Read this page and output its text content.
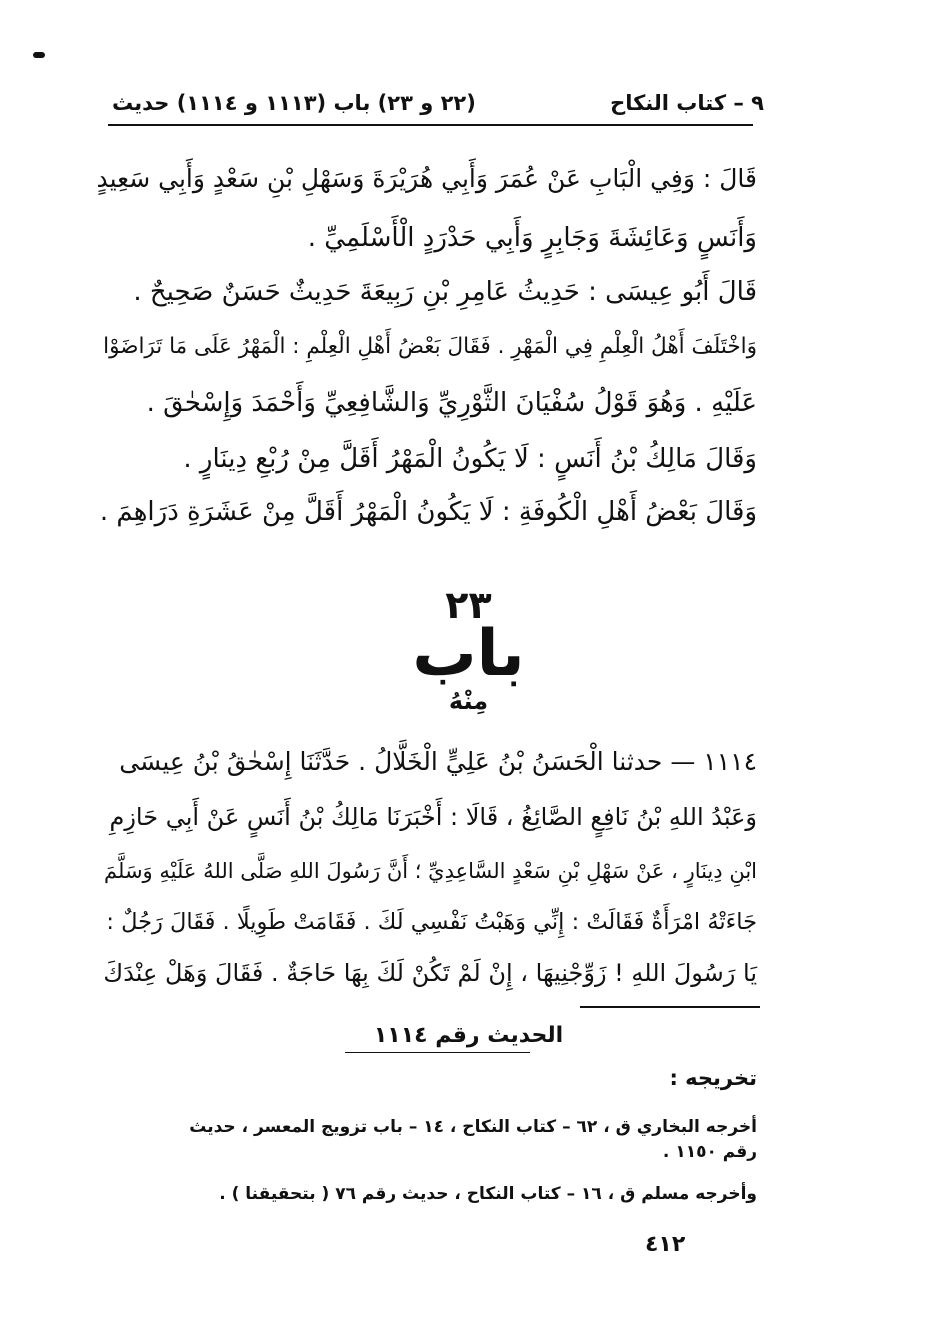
٩ – كتاب النكاح
(٢٢ و ٢٣) باب (١١١٣ و ١١١٤) حديث
قَالَ : وَفِي الْبَابِ عَنْ عُمَرَ وَأَبِي هُرَيْرَةَ وَسَهْلِ بْنِ سَعْدٍ وَأَبِي سَعِيدٍ
وَأَنَسٍ وَعَائِشَةَ وَجَابِرٍ وَأَبِي حَدْرَدٍ الْأَسْلَمِيِّ .
قَالَ أَبُو عِيسَى : حَدِيثُ عَامِرِ بْنِ رَبِيعَةَ حَدِيثٌ حَسَنٌ صَحِيحٌ .
وَاخْتَلَفَ أَهْلُ الْعِلْمِ فِي الْمَهْرِ . فَقَالَ بَعْضُ أَهْلِ الْعِلْمِ : الْمَهْرُ عَلَى مَا تَرَاضَوْا
عَلَيْهِ . وَهُوَ قَوْلُ سُفْيَانَ الثَّوْرِيِّ وَالشَّافِعِيِّ وَأَحْمَدَ وَإِسْحٰقَ .
وَقَالَ مَالِكُ بْنُ أَنَسٍ : لَا يَكُونُ الْمَهْرُ أَقَلَّ مِنْ رُبْعِ دِينَارٍ .
وَقَالَ بَعْضُ أَهْلِ الْكُوفَةِ : لَا يَكُونُ الْمَهْرُ أَقَلَّ مِنْ عَشَرَةِ دَرَاهِمَ .
٢٣
باب
مِنْهُ
١١١٤ — حدثنا الْحَسَنُ بْنُ عَلِيٍّ الْخَلَّالُ . حَدَّثَنَا إِسْحٰقُ بْنُ عِيسَى
وَعَبْدُ اللهِ بْنُ نَافِعٍ الصَّائِغُ ، قَالَا : أَخْبَرَنَا مَالِكُ بْنُ أَنَسٍ عَنْ أَبِي حَازِمِ
ابْنِ دِينَارٍ ، عَنْ سَهْلِ بْنِ سَعْدٍ السَّاعِدِيِّ ؛ أَنَّ رَسُولَ اللهِ صَلَّى اللهُ عَلَيْهِ وَسَلَّمَ
جَاءَتْهُ امْرَأَةٌ فَقَالَتْ : إِنِّي وَهَبْتُ نَفْسِي لَكَ . فَقَامَتْ طَوِيلًا . فَقَالَ رَجُلٌ :
يَا رَسُولَ اللهِ ! زَوِّجْنِيهَا ، إِنْ لَمْ تَكُنْ لَكَ بِهَا حَاجَةٌ . فَقَالَ وَهَلْ عِنْدَكَ
الحديث رقم ١١١٤
تخريجه :
أخرجه البخاري ق ، ٦٢ – كتاب النكاح ، ١٤ – باب تزويج المعسر ، حديث
رقم ١١٥٠ .
وأخرجه مسلم ق ، ١٦ – كتاب النكاح ، حديث رقم ٧٦ ( بتحقيقنا ) .
٤١٢
